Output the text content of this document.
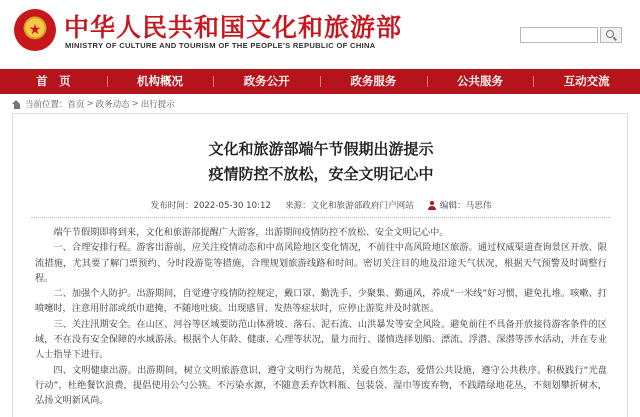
★ 中华人民共和国文化和旅游部
MINISTRY OF CULTURE AND TOURISM OF THE PEOPLE'S REPUBLIC OF CHINA
首　页	机构概况	政务公开	政务服务	公共服务	互动交流
当前位置： 首页 > 政务动态 > 出行提示
文化和旅游部端午节假期出游提示
疫情防控不放松，安全文明记心中
发布时间：2022-05-30 10:12 来源：文化和旅游部政府门户网站	编辑：马思伟

端午节假期即将到来，文化和旅游部提醒广大游客，出游期间疫情防控不放松、安全文明记心中。

一、合理安排行程。游客出游前，应关注疫情动态和中高风险地区变化情况，不前往中高风险地区旅游。通过权威渠道查询景区开放、限流措施，尤其要了解门票预约、分时段游览等措施，合理规划旅游线路和时间。密切关注目的地及沿途天气状况，根据天气预警及时调整行程。

二、加强个人防护。出游期间，自觉遵守疫情防控规定，戴口罩、勤洗手、少聚集、勤通风，养成“一米线”好习惯，避免扎堆。咳嗽、打喷嚏时，注意用肘部或纸巾遮掩，不随地吐痰。出现感冒、发热等症状时，应停止游览并及时就医。

三、关注汛期安全。在山区、河谷等区域要防范山体滑坡、落石、泥石流、山洪暴发等安全风险。避免前往不具备开放接待游客条件的区域，不在没有安全保障的水域游泳。根据个人年龄、健康、心理等状况，量力而行、谨慎选择划船、漂流、浮潜、深潜等涉水活动，并在专业人士指导下进行。

四、文明健康出游。出游期间，树立文明旅游意识，遵守文明行为规范，关爱自然生态，爱惜公共设施，遵守公共秩序。积极践行“光盘行动”，杜绝餐饮浪费，提倡使用公勺公筷。不污染水源，不随意丢弃饮料瓶、包装袋、湿巾等废弃物，不践踏绿地花丛，不刻划攀折树木，弘扬文明新风尚。
